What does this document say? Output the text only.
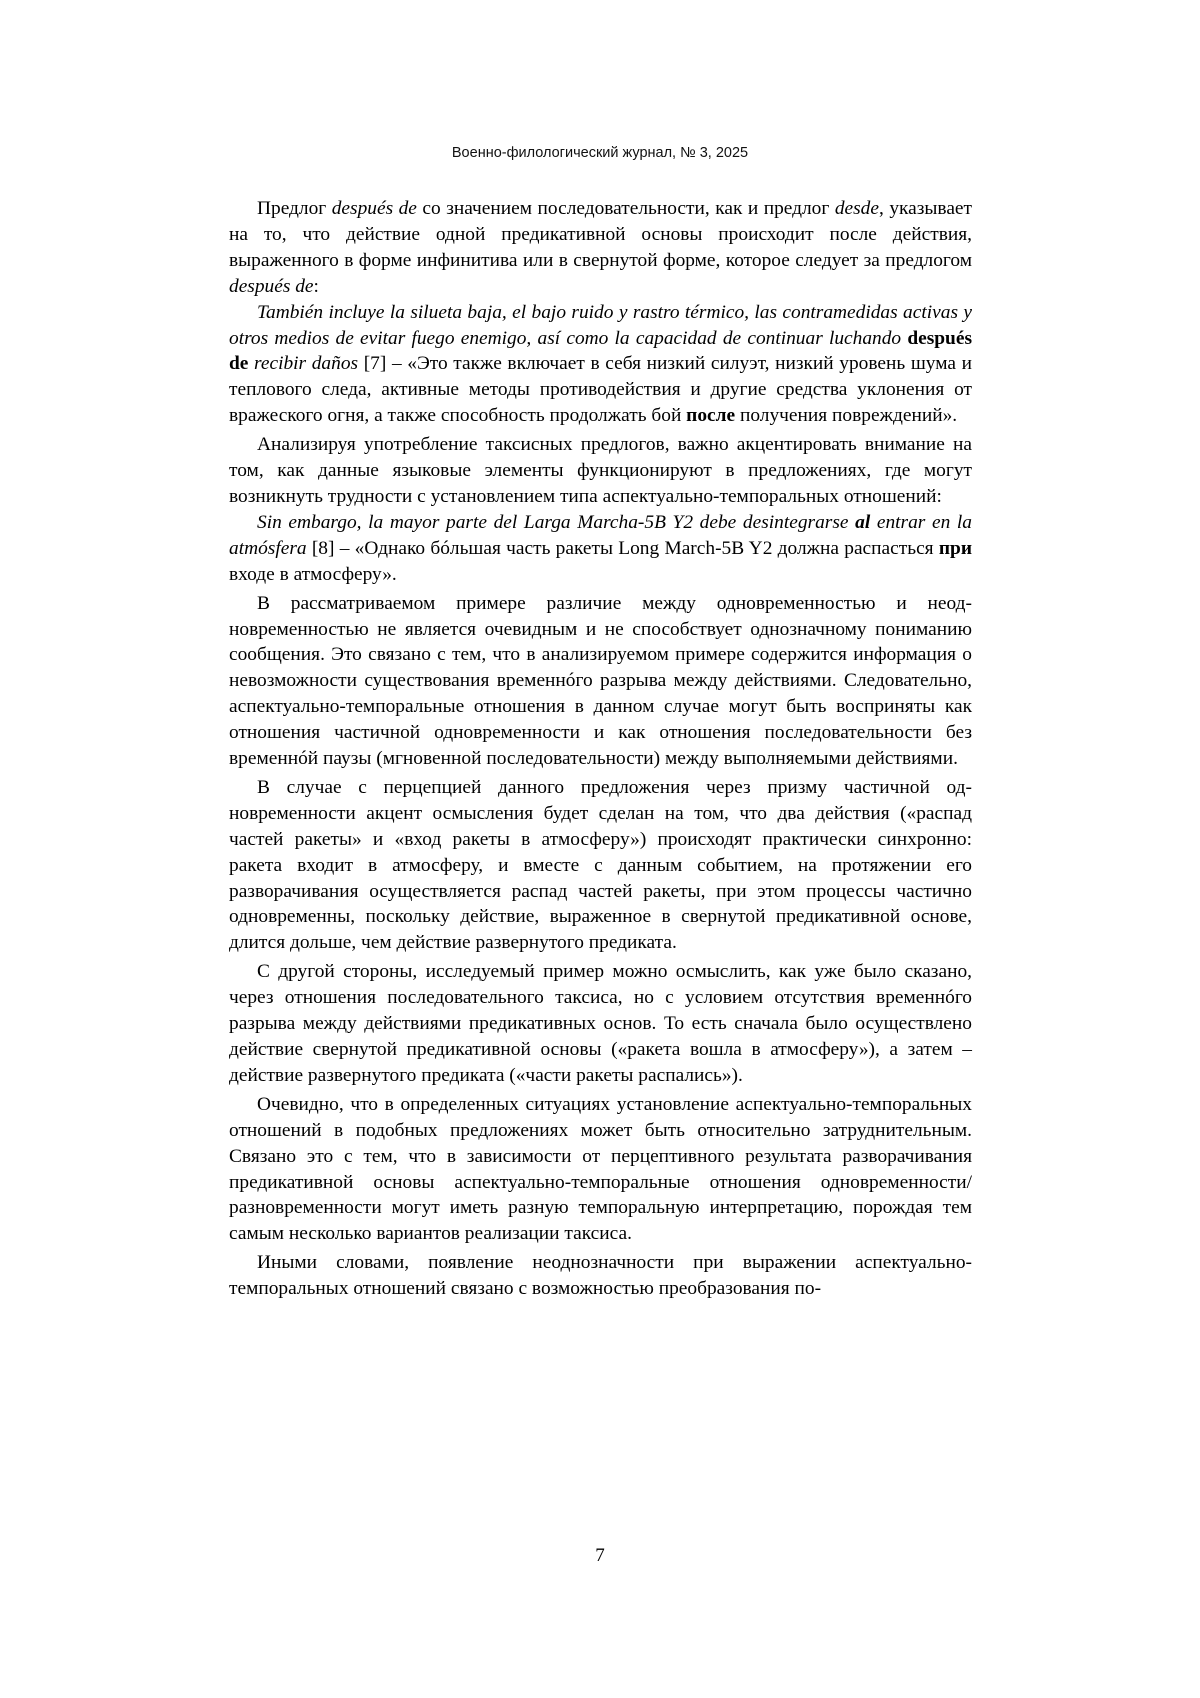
Военно-филологический журнал, № 3, 2025

Предлог después de со значением последовательности, как и предлог desde, указывает на то, что действие одной предикативной основы происходит после действия, выраженного в форме инфинитива или в свернутой форме, которое следует за предлогом después de:

También incluye la silueta baja, el bajo ruido y rastro térmico, las contramedidas activas y otros medios de evitar fuego enemigo, así como la capacidad de continuar luchando después de recibir daños [7] – «Это также включает в себя низкий силуэт, низкий уровень шума и теплового следа, активные методы противодействия и другие средства уклонения от вражеского огня, а также способность продолжать бой после получения повреждений».

Анализируя употребление таксисных предлогов, важно акцентировать внимание на том, как данные языковые элементы функционируют в предложениях, где могут возникнуть трудности с установлением типа аспектуально-темпоральных отношений:

Sin embargo, la mayor parte del Larga Marcha-5B Y2 debe desintegrarse al entrar en la atmósfera [8] – «Однако бóльшая часть ракеты Long March-5B Y2 должна распасться при входе в атмосферу».

В рассматриваемом примере различие между одновременностью и неодновременностью не является очевидным и не способствует однозначному пониманию сообщения. Это связано с тем, что в анализируемом примере содержится информация о невозможности существования временнóго разрыва между действиями. Следовательно, аспектуально-темпоральные отношения в данном случае могут быть восприняты как отношения частичной одновременности и как отношения последовательности без временнóй паузы (мгновенной последовательности) между выполняемыми действиями.

В случае с перцепцией данного предложения через призму частичной одновременности акцент осмысления будет сделан на том, что два действия («распад частей ракеты» и «вход ракеты в атмосферу») происходят практически синхронно: ракета входит в атмосферу, и вместе с данным событием, на протяжении его разворачивания осуществляется распад частей ракеты, при этом процессы частично одновременны, поскольку действие, выраженное в свернутой предикативной основе, длится дольше, чем действие развернутого предиката.

С другой стороны, исследуемый пример можно осмыслить, как уже было сказано, через отношения последовательного таксиса, но с условием отсутствия временнóго разрыва между действиями предикативных основ. То есть сначала было осуществлено действие свернутой предикативной основы («ракета вошла в атмосферу»), а затем – действие развернутого предиката («части ракеты распались»).

Очевидно, что в определенных ситуациях установление аспектуально-темпоральных отношений в подобных предложениях может быть относительно затруднительным. Связано это с тем, что в зависимости от перцептивного результата разворачивания предикативной основы аспектуально-темпоральные отношения одновременности/разновременности могут иметь разную темпоральную интерпретацию, порождая тем самым несколько вариантов реализации таксиса.

Иными словами, появление неоднозначности при выражении аспектуально-темпоральных отношений связано с возможностью преобразования по-

7
